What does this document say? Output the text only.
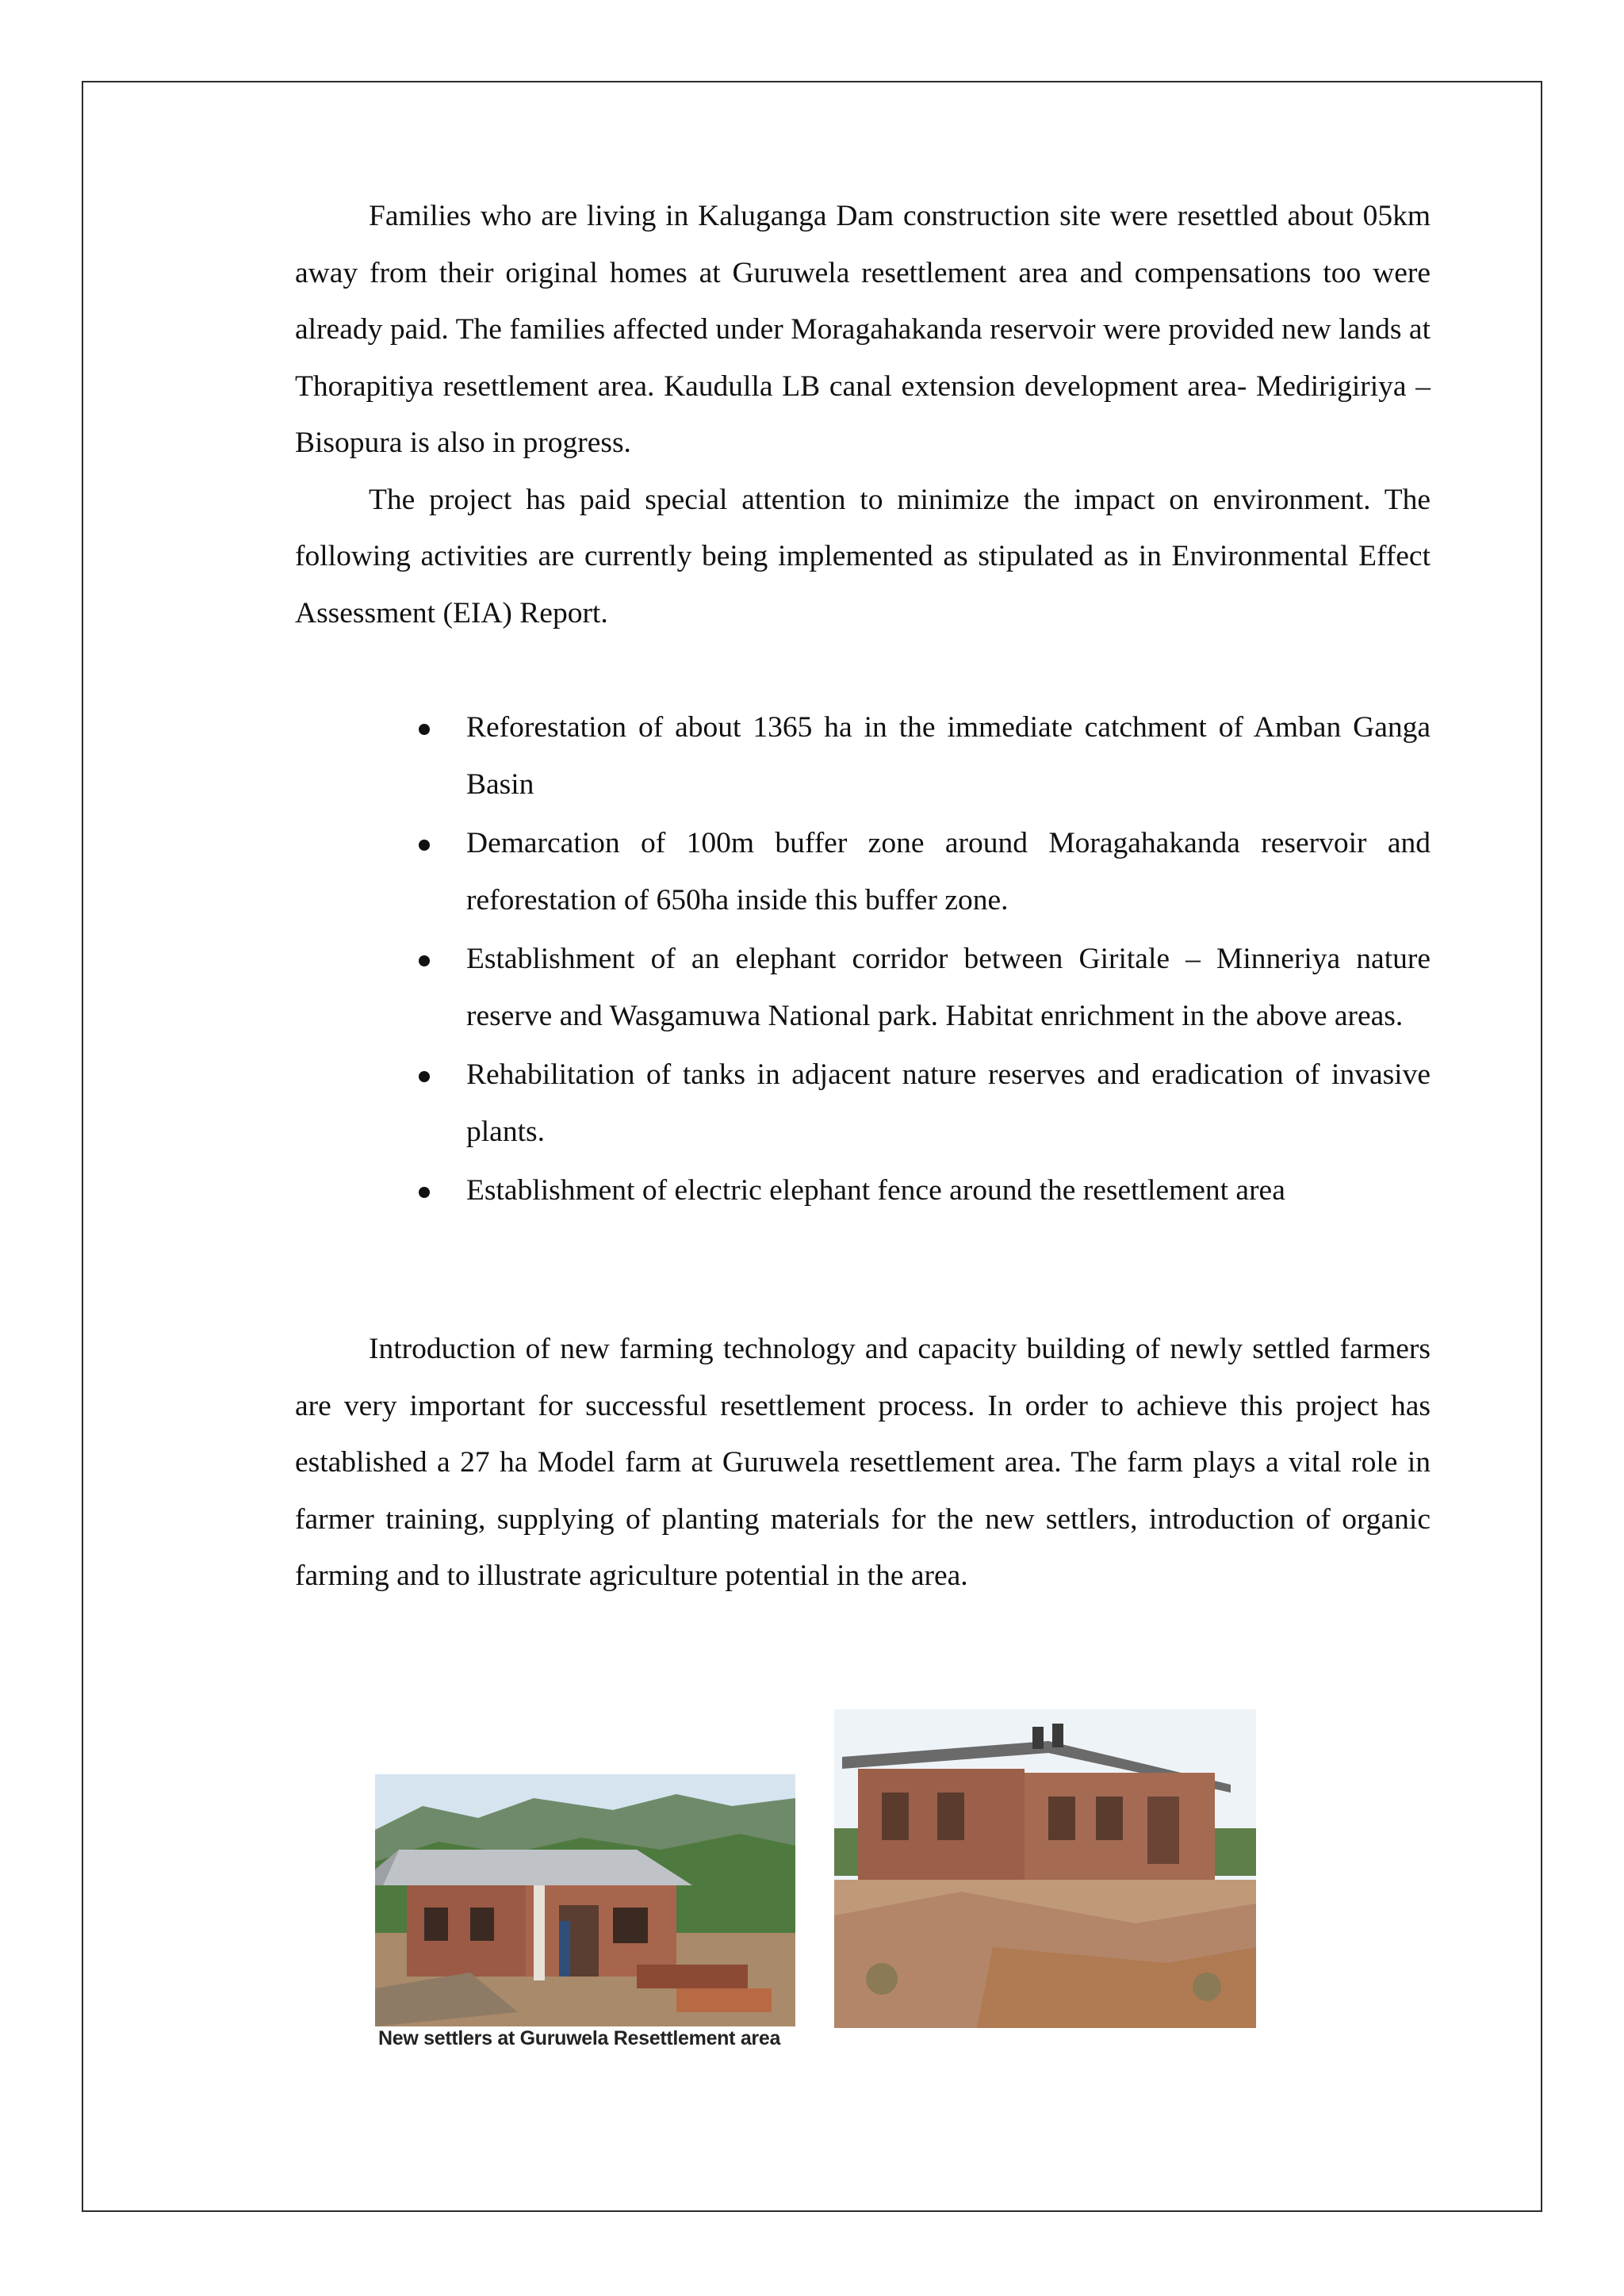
Families who are living in Kaluganga Dam construction site were resettled about 05km away from their original homes at Guruwela resettlement area and compensations too were already paid. The families affected under Moragahakanda reservoir were provided new lands at Thorapitiya resettlement area. Kaudulla LB canal extension development area- Medirigiriya – Bisopura is also in progress.

The project has paid special attention to minimize the impact on environment. The following activities are currently being implemented as stipulated as in Environmental Effect Assessment (EIA) Report.

Reforestation of about 1365 ha in the immediate catchment of Amban Ganga Basin
Demarcation of 100m buffer zone around Moragahakanda reservoir and reforestation of 650ha inside this buffer zone.
Establishment of an elephant corridor between Giritale – Minneriya nature reserve and Wasgamuwa National park. Habitat enrichment in the above areas.
Rehabilitation of tanks in adjacent nature reserves and eradication of invasive plants.
Establishment of electric elephant fence around the resettlement area

Introduction of new farming technology and capacity building of newly settled farmers are very important for successful resettlement process. In order to achieve this project has established a 27 ha Model farm at Guruwela resettlement area. The farm plays a vital role in farmer training, supplying of planting materials for the new settlers, introduction of organic farming and to illustrate agriculture potential in the area.

New settlers at Guruwela Resettlement area
